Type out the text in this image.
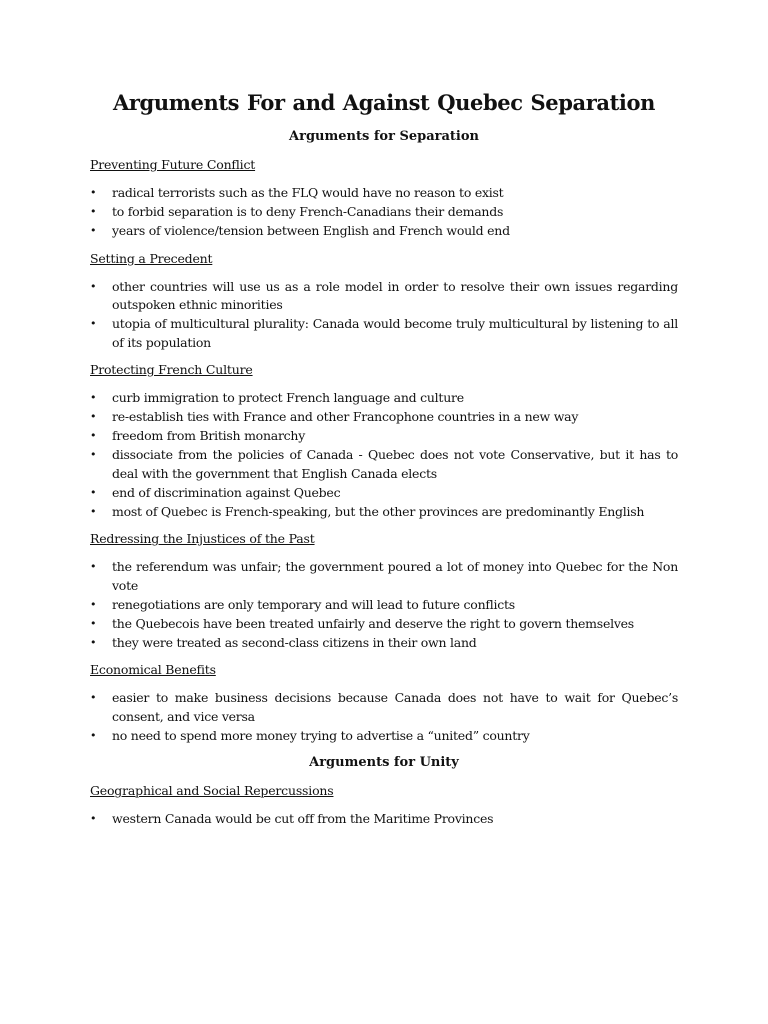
Arguments For and Against Quebec Separation
Arguments for Separation
Preventing Future Conflict
• radical terrorists such as the FLQ would have no reason to exist
• to forbid separation is to deny French-Canadians their demands
• years of violence/tension between English and French would end
Setting a Precedent
• other countries will use us as a role model in order to resolve their own issues regarding outspoken ethnic minorities
• utopia of multicultural plurality: Canada would become truly multicultural by listening to all of its population
Protecting French Culture
• curb immigration to protect French language and culture
• re-establish ties with France and other Francophone countries in a new way
• freedom from British monarchy
• dissociate from the policies of Canada - Quebec does not vote Conservative, but it has to deal with the government that English Canada elects
• end of discrimination against Quebec
• most of Quebec is French-speaking, but the other provinces are predominantly English
Redressing the Injustices of the Past
• the referendum was unfair; the government poured a lot of money into Quebec for the Non vote
• renegotiations are only temporary and will lead to future conflicts
• the Quebecois have been treated unfairly and deserve the right to govern themselves
• they were treated as second-class citizens in their own land
Economical Benefits
• easier to make business decisions because Canada does not have to wait for Quebec’s consent, and vice versa
• no need to spend more money trying to advertise a “united” country
Arguments for Unity
Geographical and Social Repercussions
• western Canada would be cut off from the Maritime Provinces
